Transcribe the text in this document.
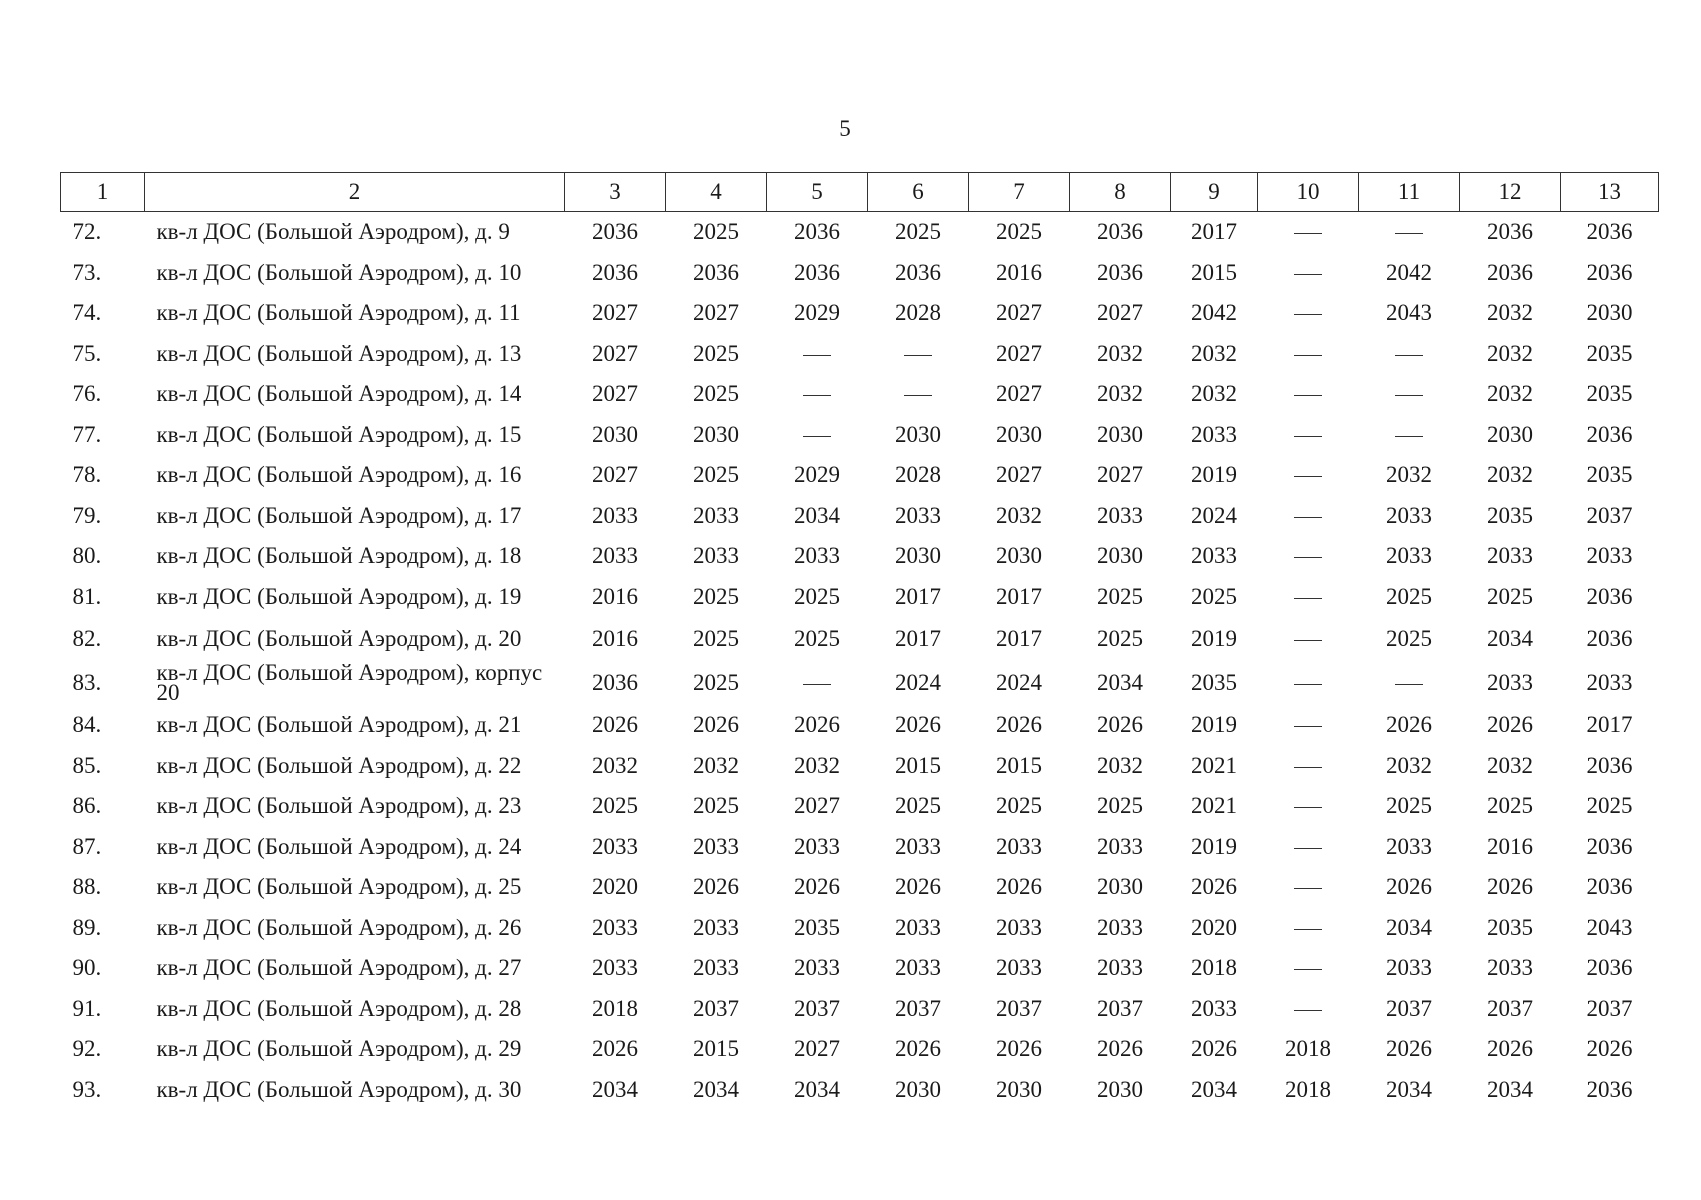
5
1	2	3	4	5	6	7	8	9	10	11	12	13
72.	кв-л ДОС (Большой Аэродром), д. 9	2036	2025	2036	2025	2025	2036	2017			2036	2036
73.	кв-л ДОС (Большой Аэродром), д. 10	2036	2036	2036	2036	2016	2036	2015		2042	2036	2036
74.	кв-л ДОС (Большой Аэродром), д. 11	2027	2027	2029	2028	2027	2027	2042		2043	2032	2030
75.	кв-л ДОС (Большой Аэродром), д. 13	2027	2025			2027	2032	2032			2032	2035
76.	кв-л ДОС (Большой Аэродром), д. 14	2027	2025			2027	2032	2032			2032	2035
77.	кв-л ДОС (Большой Аэродром), д. 15	2030	2030		2030	2030	2030	2033			2030	2036
78.	кв-л ДОС (Большой Аэродром), д. 16	2027	2025	2029	2028	2027	2027	2019		2032	2032	2035
79.	кв-л ДОС (Большой Аэродром), д. 17	2033	2033	2034	2033	2032	2033	2024		2033	2035	2037
80.	кв-л ДОС (Большой Аэродром), д. 18	2033	2033	2033	2030	2030	2030	2033		2033	2033	2033
81.	кв-л ДОС (Большой Аэродром), д. 19	2016	2025	2025	2017	2017	2025	2025		2025	2025	2036
82.	кв-л ДОС (Большой Аэродром), д. 20	2016	2025	2025	2017	2017	2025	2019		2025	2034	2036
83.	кв-л ДОС (Большой Аэродром), корпус 20	2036	2025		2024	2024	2034	2035			2033	2033
84.	кв-л ДОС (Большой Аэродром), д. 21	2026	2026	2026	2026	2026	2026	2019		2026	2026	2017
85.	кв-л ДОС (Большой Аэродром), д. 22	2032	2032	2032	2015	2015	2032	2021		2032	2032	2036
86.	кв-л ДОС (Большой Аэродром), д. 23	2025	2025	2027	2025	2025	2025	2021		2025	2025	2025
87.	кв-л ДОС (Большой Аэродром), д. 24	2033	2033	2033	2033	2033	2033	2019		2033	2016	2036
88.	кв-л ДОС (Большой Аэродром), д. 25	2020	2026	2026	2026	2026	2030	2026		2026	2026	2036
89.	кв-л ДОС (Большой Аэродром), д. 26	2033	2033	2035	2033	2033	2033	2020		2034	2035	2043
90.	кв-л ДОС (Большой Аэродром), д. 27	2033	2033	2033	2033	2033	2033	2018		2033	2033	2036
91.	кв-л ДОС (Большой Аэродром), д. 28	2018	2037	2037	2037	2037	2037	2033		2037	2037	2037
92.	кв-л ДОС (Большой Аэродром), д. 29	2026	2015	2027	2026	2026	2026	2026	2018	2026	2026	2026
93.	кв-л ДОС (Большой Аэродром), д. 30	2034	2034	2034	2030	2030	2030	2034	2018	2034	2034	2036
